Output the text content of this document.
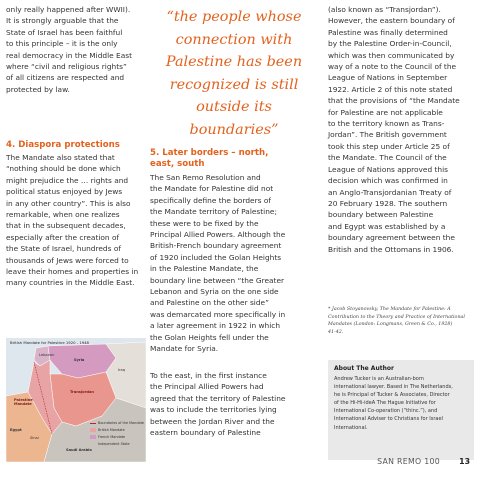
only really happened after WWII).
It is strongly arguable that the
State of Israel has been faithful
to this principle – it is the only
real democracy in the Middle East
where “civil and religious rights”
of all citizens are respected and
protected by law.

4. Diaspora protections

The Mandate also stated that
“nothing should be done which
might prejudice the … rights and
political status enjoyed by Jews
in any other country”. This is also
remarkable, when one realizes
that in the subsequent decades,
especially after the creation of
the State of Israel, hundreds of
thousands of Jews were forced to
leave their homes and properties in
many countries in the Middle East.
British Mandate for Palestine 1920 - 1948
Lebanon
Syria
Iraq
Transjordan
Palestine Mandate
Egypt
Sinai
Saudi Arabia
Boundaries of the Mandate
British Mandate
French Mandate
Independent State
“the people whose
connection with
Palestine has been
recognized is still
outside its boundaries”
5. Later borders – north,
east, south
The San Remo Resolution and
the Mandate for Palestine did not
specifically define the borders of
the Mandate territory of Palestine;
these were to be fixed by the
Principal Allied Powers. Although the
British-French boundary agreement
of 1920 included the Golan Heights
in the Palestine Mandate, the
boundary line between “the Greater
Lebanon and Syria on the one side
and Palestine on the other side”
was demarcated more specifically in
a later agreement in 1922 in which
the Golan Heights fell under the
Mandate for Syria.
To the east, in the first instance
the Principal Allied Powers had
agreed that the territory of Palestine
was to include the territories lying
between the Jordan River and the
eastern boundary of Palestine
(also known as “Transjordan”).
However, the eastern boundary of
Palestine was finally determined
by the Palestine Order-in-Council,
which was then communicated by
way of a note to the Council of the
League of Nations in September
1922. Article 2 of this note stated
that the provisions of “the Mandate
for Palestine are not applicable
to the territory known as Trans-
Jordan”. The British government
took this step under Article 25 of
the Mandate. The Council of the
League of Nations approved this
decision which was confirmed in
an Anglo-Transjordanian Treaty of
20 February 1928. The southern
boundary between Palestine
and Egypt was established by a
boundary agreement between the
British and the Ottomans in 1906.
* Jacob Stoyanovsky, The Mandate for Palestine: A
Contribution to the Theory and Practice of International
Mandates (London: Longmans, Green & Co., 1928)
41-42.

About The Author

Andrew Tucker is an Australian-born
international lawyer. Based in The Netherlands,
he is Principal of Tucker & Associates, Director
of the Hi-Hi-ideA The Hague Initiative for
International Co-operation (“thinc.”), and
International Adviser to Christians for Israel
International.
SAN REMO 100 13
